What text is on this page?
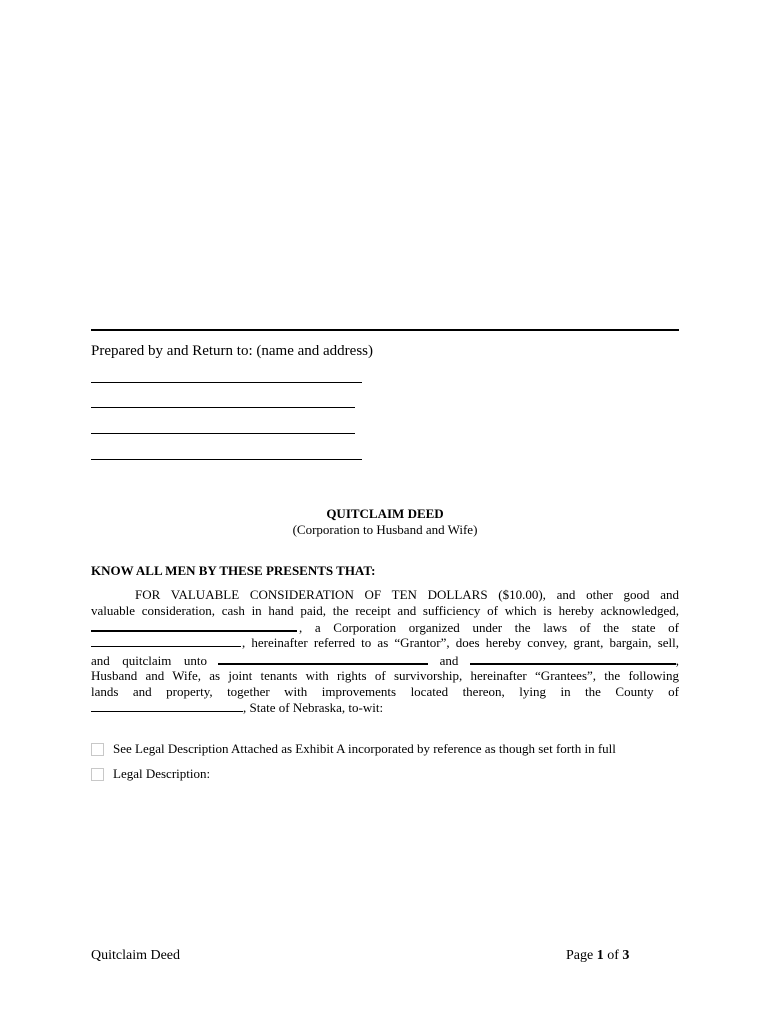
Prepared by and Return to: (name and address)
QUITCLAIM DEED
(Corporation to Husband and Wife)
KNOW ALL MEN BY THESE PRESENTS THAT:
FOR VALUABLE CONSIDERATION OF TEN DOLLARS ($10.00), and other good and
valuable consideration, cash in hand paid, the receipt and sufficiency of which is hereby acknowledged,
, a Corporation organized under the laws of the state of
, hereinafter referred to as “Grantor”, does hereby convey, grant, bargain, sell,
and quitclaim unto	and	,
Husband and Wife, as joint tenants with rights of survivorship, hereinafter “Grantees”, the following
lands and property, together with improvements located thereon, lying in the County of
, State of Nebraska, to-wit:
See Legal Description Attached as Exhibit A incorporated by reference as though set forth in full
Legal Description:
Quitclaim Deed	Page 1 of 3
